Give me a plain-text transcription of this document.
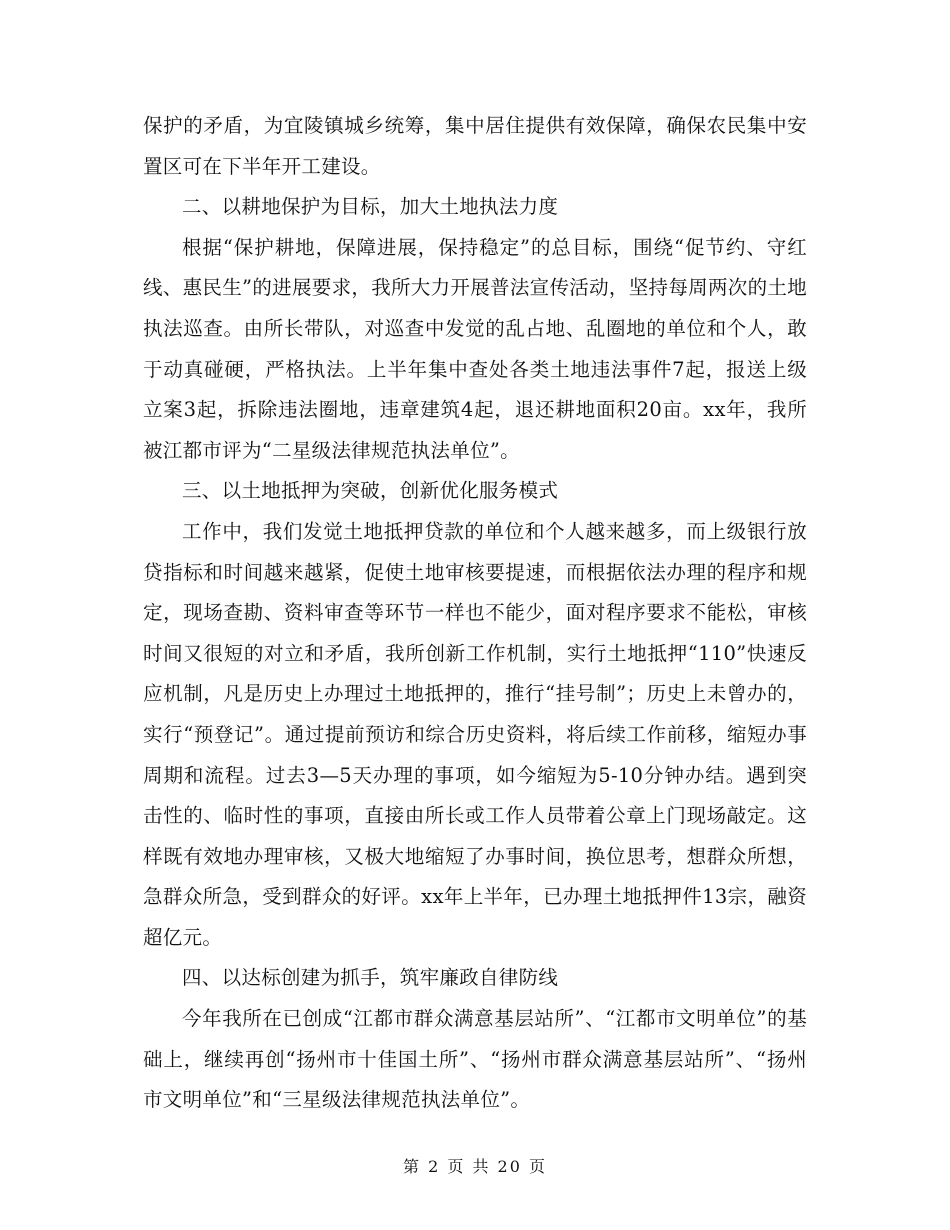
保护的矛盾，为宜陵镇城乡统筹，集中居住提供有效保障，确保农民集中安置区可在下半年开工建设。

二、以耕地保护为目标，加大土地执法力度

根据“保护耕地，保障进展，保持稳定”的总目标，围绕“促节约、守红线、惠民生”的进展要求，我所大力开展普法宣传活动，坚持每周两次的土地执法巡查。由所长带队，对巡查中发觉的乱占地、乱圈地的单位和个人，敢于动真碰硬，严格执法。上半年集中查处各类土地违法事件7起，报送上级立案3起，拆除违法圈地，违章建筑4起，退还耕地面积20亩。xx年，我所被江都市评为“二星级法律规范执法单位”。

三、以土地抵押为突破，创新优化服务模式

工作中，我们发觉土地抵押贷款的单位和个人越来越多，而上级银行放贷指标和时间越来越紧，促使土地审核要提速，而根据依法办理的程序和规定，现场查勘、资料审查等环节一样也不能少，面对程序要求不能松，审核时间又很短的对立和矛盾，我所创新工作机制，实行土地抵押“110”快速反应机制，凡是历史上办理过土地抵押的，推行“挂号制”；历史上未曾办的，实行“预登记”。通过提前预访和综合历史资料，将后续工作前移，缩短办事周期和流程。过去3—5天办理的事项，如今缩短为5-10分钟办结。遇到突击性的、临时性的事项，直接由所长或工作人员带着公章上门现场敲定。这样既有效地办理审核，又极大地缩短了办事时间，换位思考，想群众所想，急群众所急，受到群众的好评。xx年上半年，已办理土地抵押件13宗，融资超亿元。

四、以达标创建为抓手，筑牢廉政自律防线

今年我所在已创成“江都市群众满意基层站所”、“江都市文明单位”的基础上，继续再创“扬州市十佳国土所”、“扬州市群众满意基层站所”、“扬州市文明单位”和“三星级法律规范执法单位”。

第 2 页 共 20 页
